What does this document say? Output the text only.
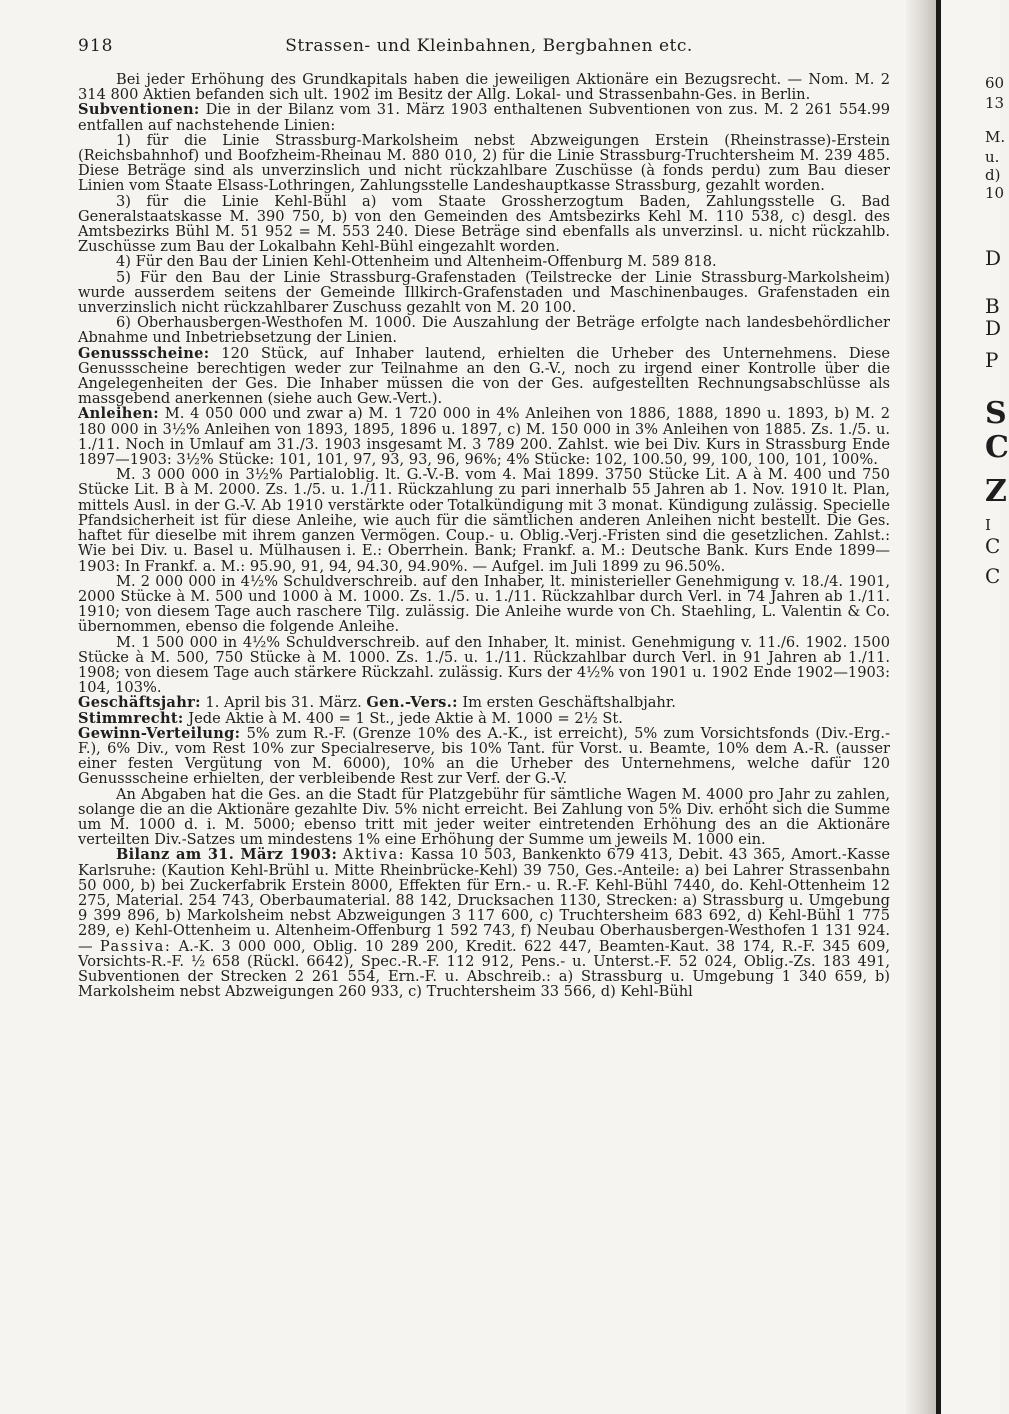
918	Strassen- und Kleinbahnen, Bergbahnen etc.

Bei jeder Erhöhung des Grundkapitals haben die jeweiligen Aktionäre ein Bezugsrecht. — Nom. M. 2 314 800 Aktien befanden sich ult. 1902 im Besitz der Allg. Lokal- und Strassenbahn-Ges. in Berlin.

Subventionen: Die in der Bilanz vom 31. März 1903 enthaltenen Subventionen von zus. M. 2 261 554.99 entfallen auf nachstehende Linien:

1) für die Linie Strassburg-Markolsheim nebst Abzweigungen Erstein (Rheinstrasse)-Erstein (Reichsbahnhof) und Boofzheim-Rheinau M. 880 010, 2) für die Linie Strassburg-Truchtersheim M. 239 485. Diese Beträge sind als unverzinslich und nicht rückzahlbare Zuschüsse (à fonds perdu) zum Bau dieser Linien vom Staate Elsass-Lothringen, Zahlungsstelle Landeshauptkasse Strassburg, gezahlt worden.

3) für die Linie Kehl-Bühl a) vom Staate Grossherzogtum Baden, Zahlungsstelle G. Bad Generalstaatskasse M. 390 750, b) von den Gemeinden des Amtsbezirks Kehl M. 110 538, c) desgl. des Amtsbezirks Bühl M. 51 952 = M. 553 240. Diese Beträge sind ebenfalls als unverzinsl. u. nicht rückzahlb. Zuschüsse zum Bau der Lokalbahn Kehl-Bühl eingezahlt worden.

4) Für den Bau der Linien Kehl-Ottenheim und Altenheim-Offenburg M. 589 818.

5) Für den Bau der Linie Strassburg-Grafenstaden (Teilstrecke der Linie Strassburg-Markolsheim) wurde ausserdem seitens der Gemeinde Illkirch-Grafenstaden und Maschinenbauges. Grafenstaden ein unverzinslich nicht rückzahlbarer Zuschuss gezahlt von M. 20 100.

6) Oberhausbergen-Westhofen M. 1000. Die Auszahlung der Beträge erfolgte nach landesbehördlicher Abnahme und Inbetriebsetzung der Linien.

Genussscheine: 120 Stück, auf Inhaber lautend, erhielten die Urheber des Unternehmens. Diese Genussscheine berechtigen weder zur Teilnahme an den G.-V., noch zu irgend einer Kontrolle über die Angelegenheiten der Ges. Die Inhaber müssen die von der Ges. aufgestellten Rechnungsabschlüsse als massgebend anerkennen (siehe auch Gew.-Vert.).

Anleihen: M. 4 050 000 und zwar a) M. 1 720 000 in 4% Anleihen von 1886, 1888, 1890 u. 1893, b) M. 2 180 000 in 3½% Anleihen von 1893, 1895, 1896 u. 1897, c) M. 150 000 in 3% Anleihen von 1885. Zs. 1./5. u. 1./11. Noch in Umlauf am 31./3. 1903 insgesamt M. 3 789 200. Zahlst. wie bei Div. Kurs in Strassburg Ende 1897—1903: 3½% Stücke: 101, 101, 97, 93, 93, 96, 96%; 4% Stücke: 102, 100.50, 99, 100, 100, 101, 100%.

M. 3 000 000 in 3½% Partialoblig. lt. G.-V.-B. vom 4. Mai 1899. 3750 Stücke Lit. A à M. 400 und 750 Stücke Lit. B à M. 2000. Zs. 1./5. u. 1./11. Rückzahlung zu pari innerhalb 55 Jahren ab 1. Nov. 1910 lt. Plan, mittels Ausl. in der G.-V. Ab 1910 verstärkte oder Totalkündigung mit 3 monat. Kündigung zulässig. Specielle Pfandsicherheit ist für diese Anleihe, wie auch für die sämtlichen anderen Anleihen nicht bestellt. Die Ges. haftet für dieselbe mit ihrem ganzen Vermögen. Coup.- u. Oblig.-Verj.-Fristen sind die gesetzlichen. Zahlst.: Wie bei Div. u. Basel u. Mülhausen i. E.: Oberrhein. Bank; Frankf. a. M.: Deutsche Bank. Kurs Ende 1899—1903: In Frankf. a. M.: 95.90, 91, 94, 94.30, 94.90%. — Aufgel. im Juli 1899 zu 96.50%.

M. 2 000 000 in 4½% Schuldverschreib. auf den Inhaber, lt. ministerieller Genehmigung v. 18./4. 1901, 2000 Stücke à M. 500 und 1000 à M. 1000. Zs. 1./5. u. 1./11. Rückzahlbar durch Verl. in 74 Jahren ab 1./11. 1910; von diesem Tage auch raschere Tilg. zulässig. Die Anleihe wurde von Ch. Staehling, L. Valentin & Co. übernommen, ebenso die folgende Anleihe.

M. 1 500 000 in 4½% Schuldverschreib. auf den Inhaber, lt. minist. Genehmigung v. 11./6. 1902. 1500 Stücke à M. 500, 750 Stücke à M. 1000. Zs. 1./5. u. 1./11. Rückzahlbar durch Verl. in 91 Jahren ab 1./11. 1908; von diesem Tage auch stärkere Rückzahl. zulässig. Kurs der 4½% von 1901 u. 1902 Ende 1902—1903: 104, 103%.

Geschäftsjahr: 1. April bis 31. März. Gen.-Vers.: Im ersten Geschäftshalbjahr.

Stimmrecht: Jede Aktie à M. 400 = 1 St., jede Aktie à M. 1000 = 2½ St.

Gewinn-Verteilung: 5% zum R.-F. (Grenze 10% des A.-K., ist erreicht), 5% zum Vorsichtsfonds (Div.-Erg.-F.), 6% Div., vom Rest 10% zur Specialreserve, bis 10% Tant. für Vorst. u. Beamte, 10% dem A.-R. (ausser einer festen Vergütung von M. 6000), 10% an die Urheber des Unternehmens, welche dafür 120 Genussscheine erhielten, der verbleibende Rest zur Verf. der G.-V.

An Abgaben hat die Ges. an die Stadt für Platzgebühr für sämtliche Wagen M. 4000 pro Jahr zu zahlen, solange die an die Aktionäre gezahlte Div. 5% nicht erreicht. Bei Zahlung von 5% Div. erhöht sich die Summe um M. 1000 d. i. M. 5000; ebenso tritt mit jeder weiter eintretenden Erhöhung des an die Aktionäre verteilten Div.-Satzes um mindestens 1% eine Erhöhung der Summe um jeweils M. 1000 ein.

Bilanz am 31. März 1903: Aktiva: Kassa 10 503, Bankenkto 679 413, Debit. 43 365, Amort.-Kasse Karlsruhe: (Kaution Kehl-Brühl u. Mitte Rheinbrücke-Kehl) 39 750, Ges.-Anteile: a) bei Lahrer Strassenbahn 50 000, b) bei Zuckerfabrik Erstein 8000, Effekten für Ern.- u. R.-F. Kehl-Bühl 7440, do. Kehl-Ottenheim 12 275, Material. 254 743, Oberbaumaterial. 88 142, Drucksachen 1130, Strecken: a) Strassburg u. Umgebung 9 399 896, b) Markolsheim nebst Abzweigungen 3 117 600, c) Truchtersheim 683 692, d) Kehl-Bühl 1 775 289, e) Kehl-Ottenheim u. Altenheim-Offenburg 1 592 743, f) Neubau Oberhausbergen-Westhofen 1 131 924. — Passiva: A.-K. 3 000 000, Oblig. 10 289 200, Kredit. 622 447, Beamten-Kaut. 38 174, R.-F. 345 609, Vorsichts-R.-F. ½ 658 (Rückl. 6642), Spec.-R.-F. 112 912, Pens.- u. Unterst.-F. 52 024, Oblig.-Zs. 183 491, Subventionen der Strecken 2 261 554, Ern.-F. u. Abschreib.: a) Strassburg u. Umgebung 1 340 659, b) Markolsheim nebst Abzweigungen 260 933, c) Truchtersheim 33 566, d) Kehl-Bühl

60
13
M.
u.
d)
10
D
B
D
P
S
C
Z
I
C
C
